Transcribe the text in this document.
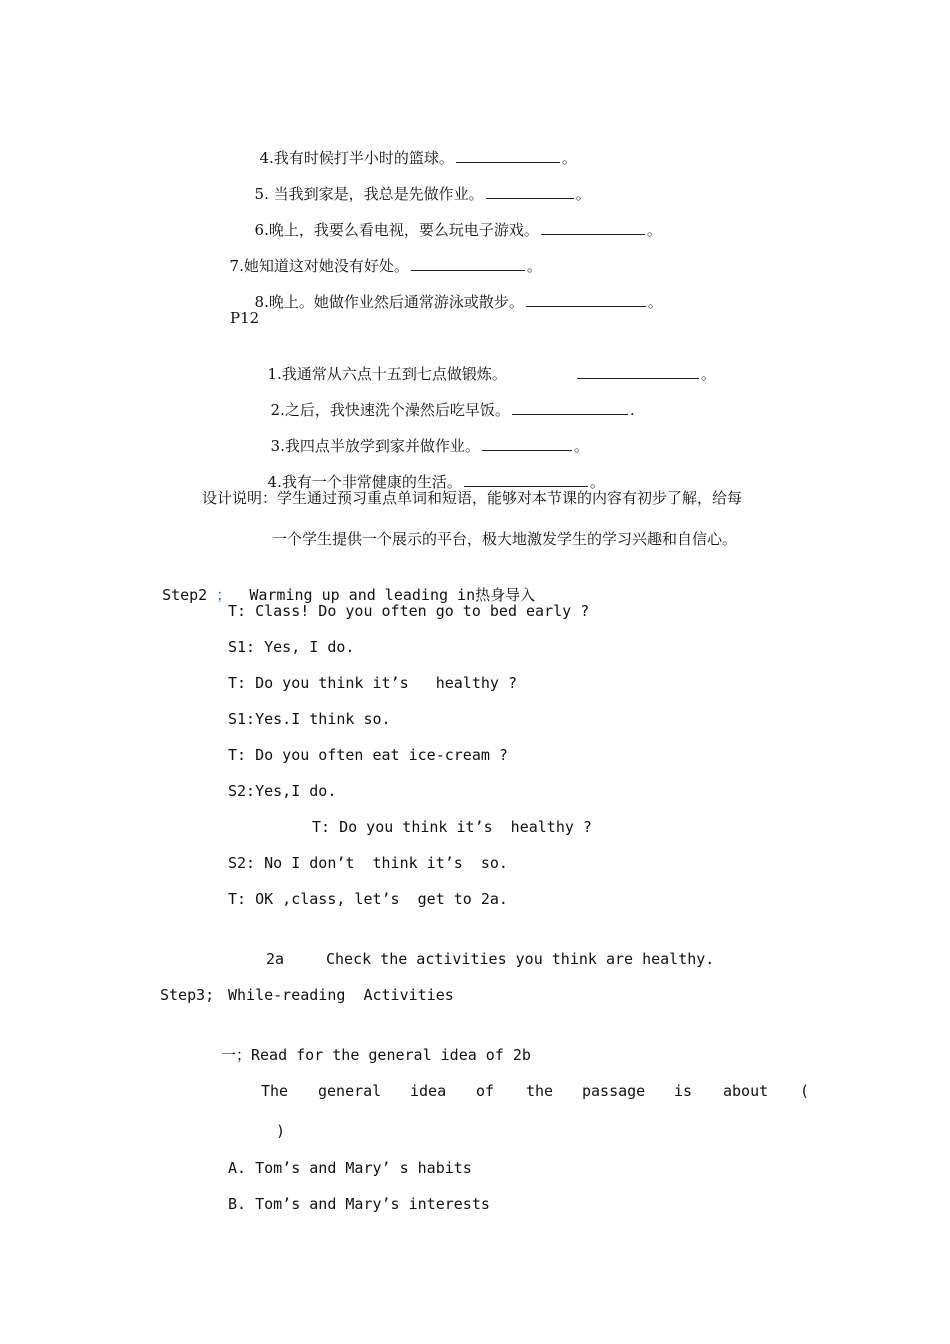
4.我有时候打半小时的篮球。	。

5. 当我到家是，我总是先做作业。	。

6.晚上，我要么看电视，要么玩电子游戏。	。

7.她知道这对她没有好处。	。

8.晚上。她做作业然后通常游泳或散步。	。

P12

1.我通常从六点十五到七点做锻炼。	。

2.之后，我快速洗个澡然后吃早饭。	.

3.我四点半放学到家并做作业。	。

4.我有一个非常健康的生活。	。

设计说明：学生通过预习重点单词和短语，能够对本节课的内容有初步了解，给每
一个学生提供一个展示的平台，极大地激发学生的学习兴趣和自信心。

Step2 ； Warming up and leading in热身导入

T: Class! Do you often go to bed early ?
S1: Yes, I do.
T: Do you think it’s   healthy ?
S1:Yes.I think so.
T: Do you often eat ice-cream ?
S2:Yes,I do.
T: Do you think it’s  healthy ?
S2: No I don’t  think it’s  so.
T: OK ,class, let’s  get to 2a.
2a	Check the activities you think are healthy.
Step3; While-reading  Activities
一；Read for the general idea of 2b
The general idea of the passage is about (
)
A. Tom’s and Mary’ s habits
B. Tom’s and Mary’s interests
